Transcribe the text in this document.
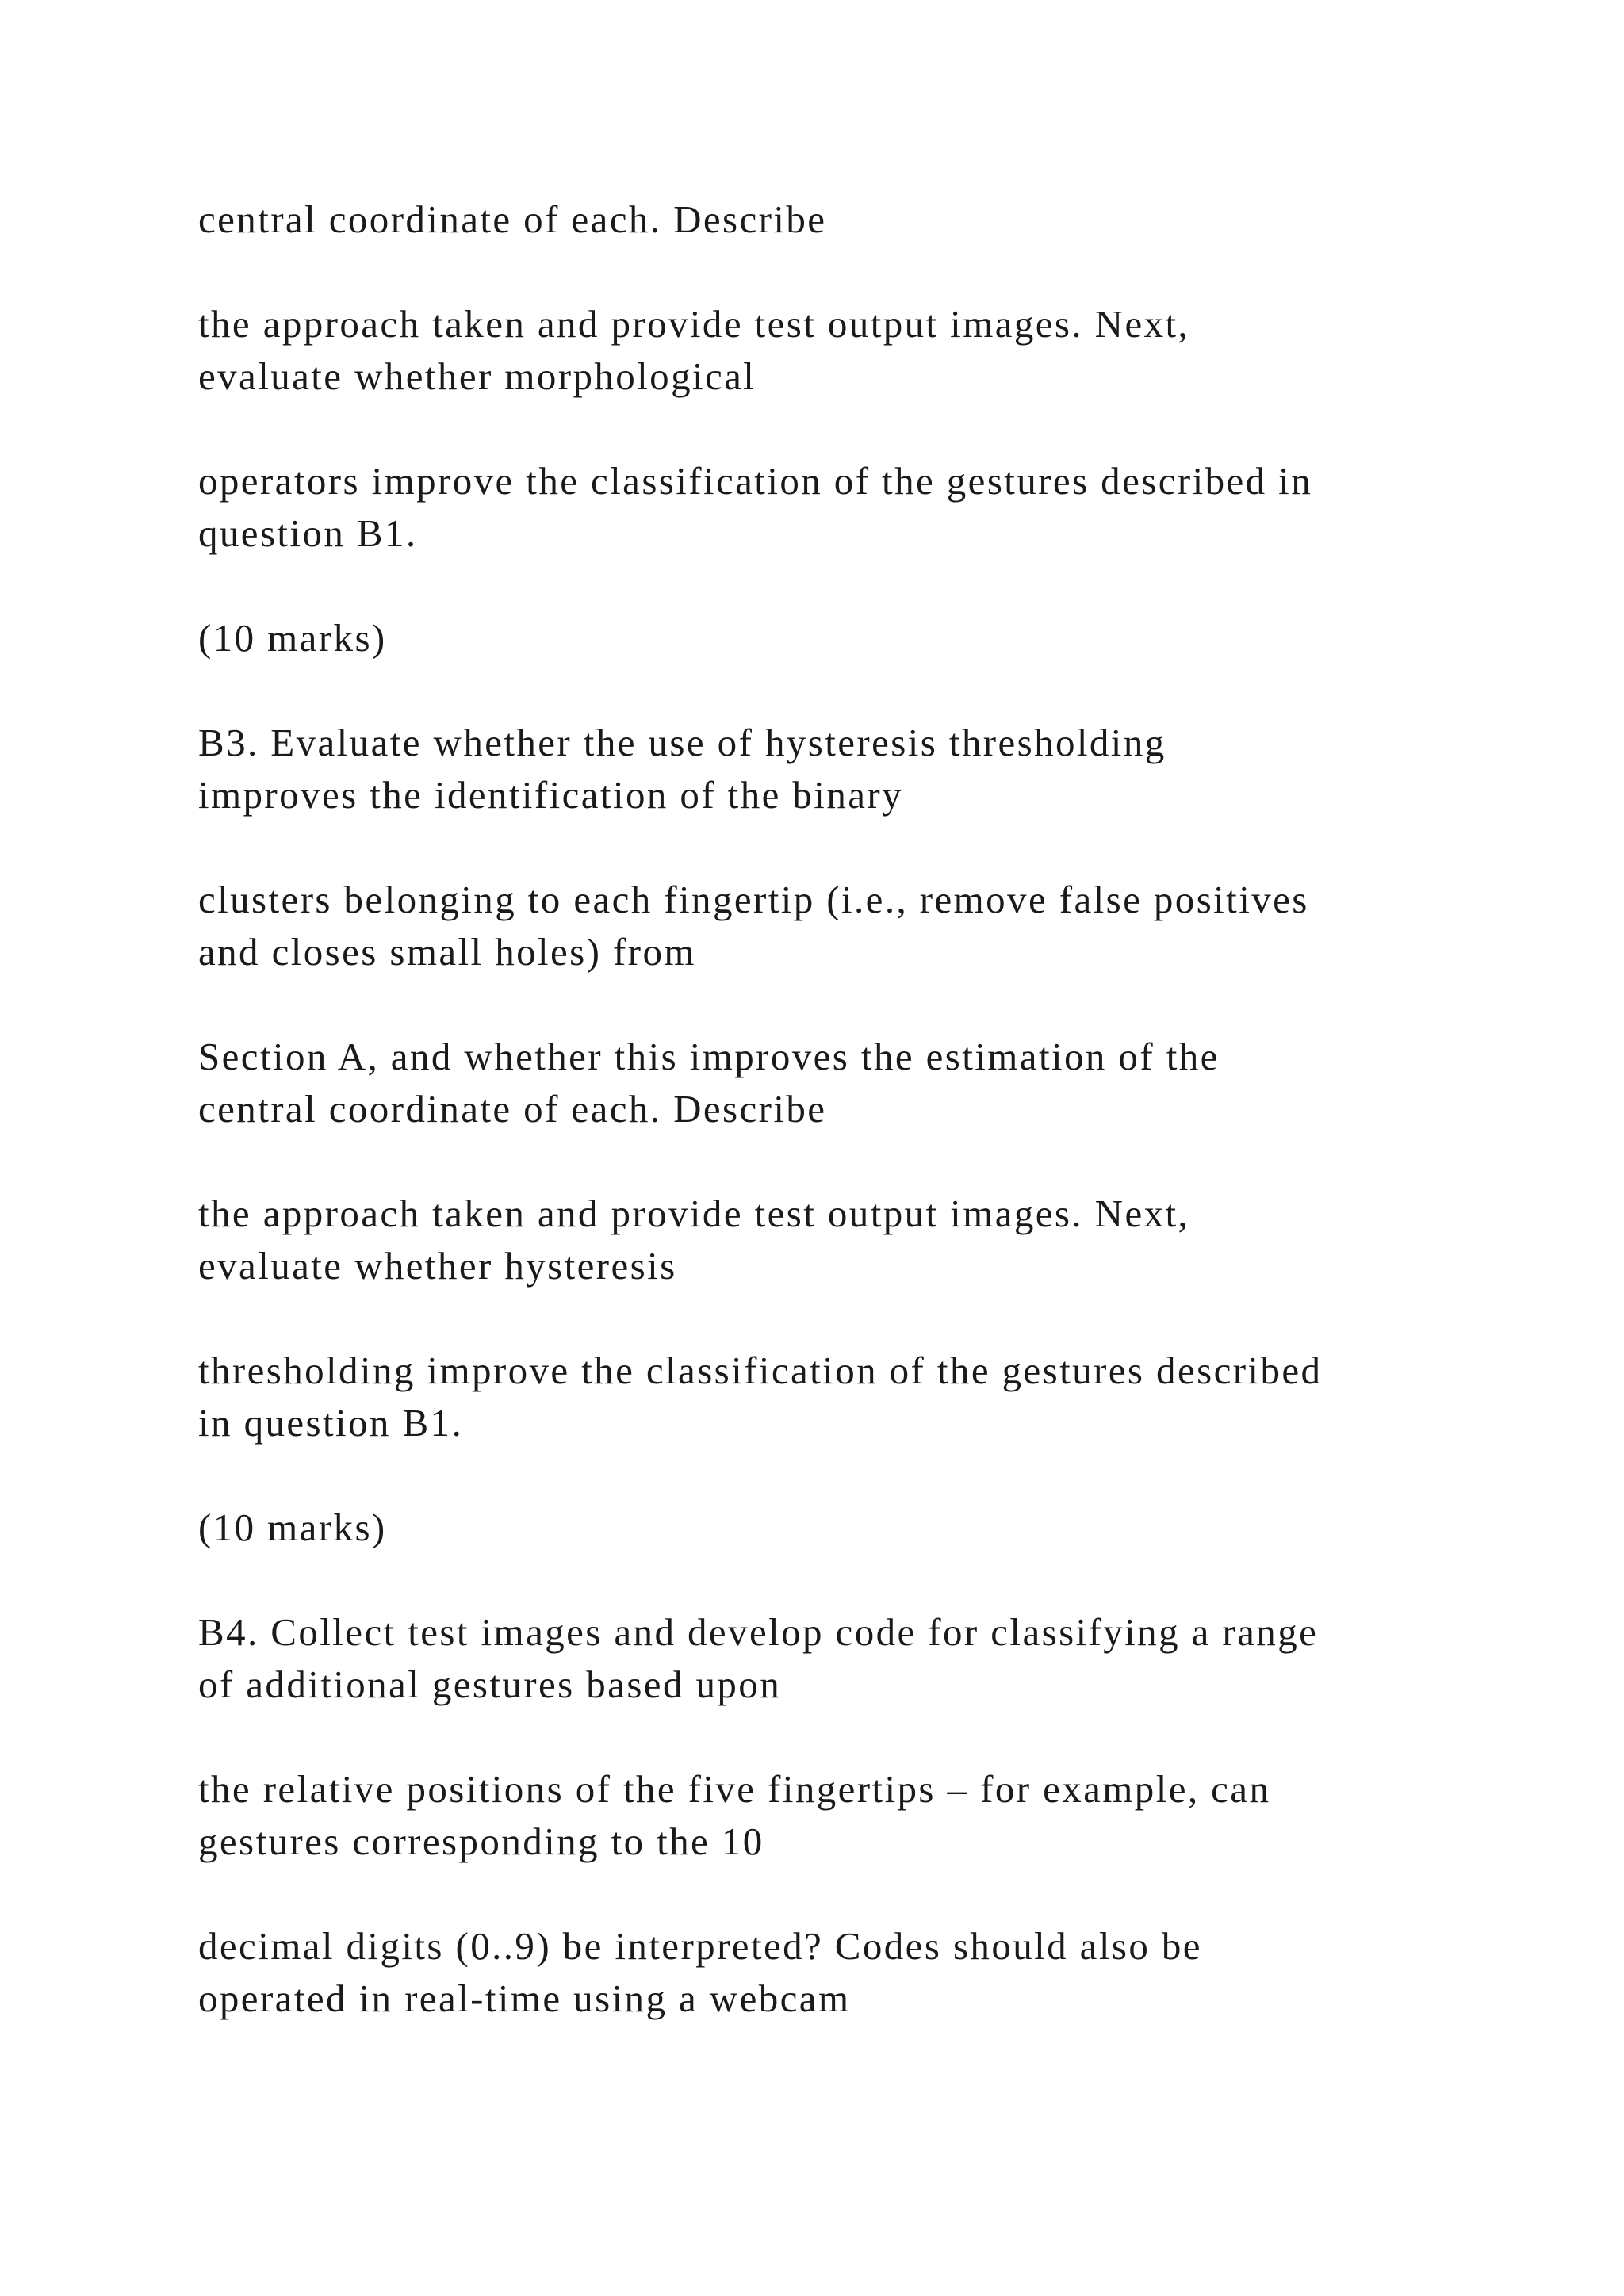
central coordinate of each. Describe

the approach taken and provide test output images. Next,
evaluate whether morphological

operators improve the classification of the gestures described in
question B1.

(10 marks)

B3. Evaluate whether the use of hysteresis thresholding
improves the identification of the binary

clusters belonging to each fingertip (i.e., remove false positives
and closes small holes) from

Section A, and whether this improves the estimation of the
central coordinate of each. Describe

the approach taken and provide test output images. Next,
evaluate whether hysteresis

thresholding improve the classification of the gestures described
in question B1.

(10 marks)

B4. Collect test images and develop code for classifying a range
of additional gestures based upon

the relative positions of the five fingertips – for example, can
gestures corresponding to the 10

decimal digits (0..9) be interpreted? Codes should also be
operated in real-time using a webcam
